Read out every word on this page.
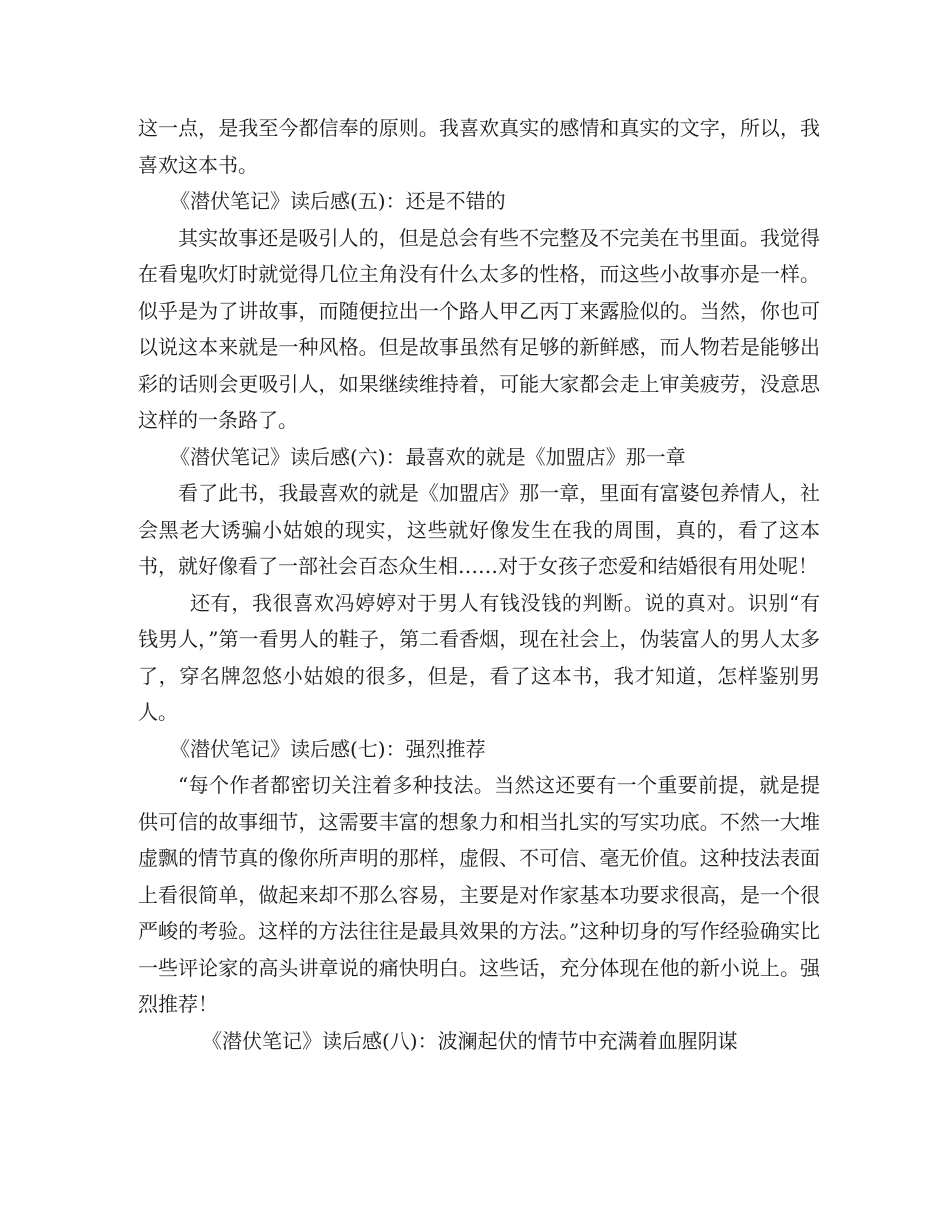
这一点，是我至今都信奉的原则。我喜欢真实的感情和真实的文字，所以，我喜欢这本书。

《潜伏笔记》读后感(五)：还是不错的

其实故事还是吸引人的，但是总会有些不完整及不完美在书里面。我觉得在看鬼吹灯时就觉得几位主角没有什么太多的性格，而这些小故事亦是一样。似乎是为了讲故事，而随便拉出一个路人甲乙丙丁来露脸似的。当然，你也可以说这本来就是一种风格。但是故事虽然有足够的新鲜感，而人物若是能够出彩的话则会更吸引人，如果继续维持着，可能大家都会走上审美疲劳，没意思这样的一条路了。

《潜伏笔记》读后感(六)：最喜欢的就是《加盟店》那一章

看了此书，我最喜欢的就是《加盟店》那一章，里面有富婆包养情人，社会黑老大诱骗小姑娘的现实，这些就好像发生在我的周围，真的，看了这本书，就好像看了一部社会百态众生相……对于女孩子恋爱和结婚很有用处呢！

还有，我很喜欢冯婷婷对于男人有钱没钱的判断。说的真对。识别“有钱男人，”第一看男人的鞋子，第二看香烟，现在社会上，伪装富人的男人太多了，穿名牌忽悠小姑娘的很多，但是，看了这本书，我才知道，怎样鉴别男人。

《潜伏笔记》读后感(七)：强烈推荐

“每个作者都密切关注着多种技法。当然这还要有一个重要前提，就是提供可信的故事细节，这需要丰富的想象力和相当扎实的写实功底。不然一大堆虚飘的情节真的像你所声明的那样，虚假、不可信、毫无价值。这种技法表面上看很简单，做起来却不那么容易，主要是对作家基本功要求很高，是一个很严峻的考验。这样的方法往往是最具效果的方法。”这种切身的写作经验确实比一些评论家的高头讲章说的痛快明白。这些话，充分体现在他的新小说上。强烈推荐！

《潜伏笔记》读后感(八)：波澜起伏的情节中充满着血腥阴谋
